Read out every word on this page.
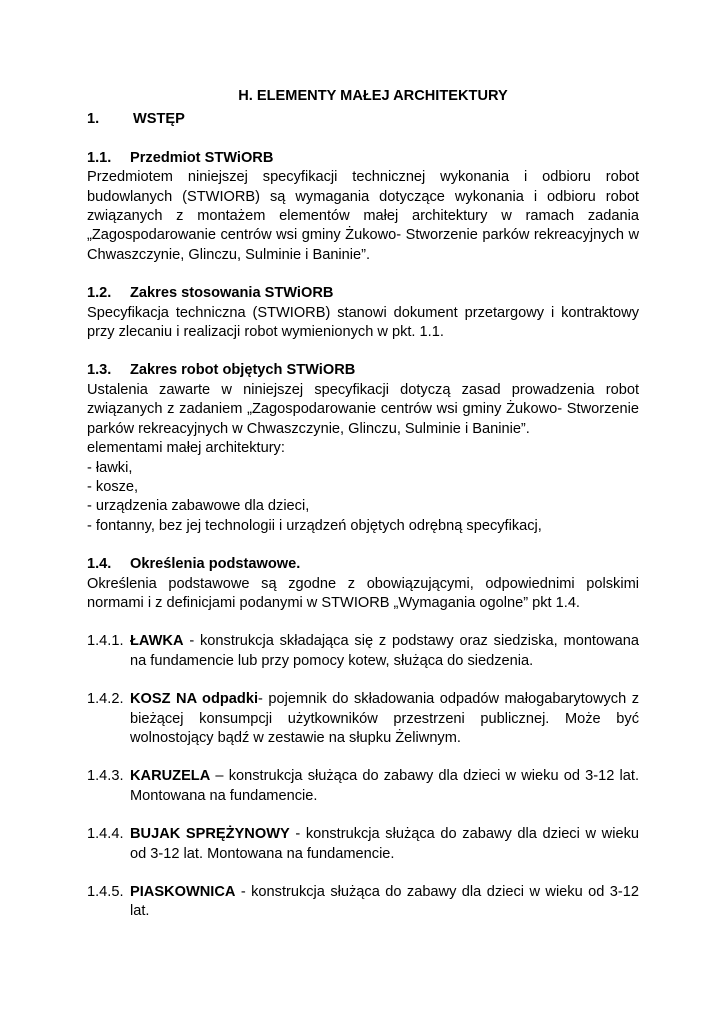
H. ELEMENTY MAŁEJ ARCHITEKTURY
1. WSTĘP
1.1. Przedmiot STWiORB
Przedmiotem niniejszej specyfikacji technicznej wykonania i odbioru robot budowlanych (STWIORB) są wymagania dotyczące wykonania i odbioru robot związanych z montażem elementów małej architektury w ramach zadania „Zagospodarowanie centrów wsi gminy Żukowo- Stworzenie parków rekreacyjnych w Chwaszczynie, Glinczu, Sulminie i Baninie”.
1.2. Zakres stosowania STWiORB
Specyfikacja techniczna (STWIORB) stanowi dokument przetargowy i kontraktowy przy zlecaniu i realizacji robot wymienionych w pkt. 1.1.
1.3. Zakres robot objętych STWiORB
Ustalenia zawarte w niniejszej specyfikacji dotyczą zasad prowadzenia robot związanych z zadaniem „Zagospodarowanie centrów wsi gminy Żukowo- Stworzenie parków rekreacyjnych w Chwaszczynie, Glinczu, Sulminie i Baninie”.
elementami małej architektury:
- ławki,
- kosze,
- urządzenia zabawowe dla dzieci,
- fontanny, bez jej technologii i urządzeń objętych odrębną specyfikacj,
1.4. Określenia podstawowe.
Określenia podstawowe są zgodne z obowiązującymi, odpowiednimi polskimi normami i z definicjami podanymi w STWIORB „Wymagania ogolne” pkt 1.4.
1.4.1. ŁAWKA - konstrukcja składająca się z podstawy oraz siedziska, montowana na fundamencie lub przy pomocy kotew, służąca do siedzenia.
1.4.2. KOSZ NA odpadki- pojemnik do składowania odpadów małogabarytowych z bieżącej konsumpcji użytkowników przestrzeni publicznej. Może być wolnostojący bądź w zestawie na słupku Żeliwnym.
1.4.3. KARUZELA – konstrukcja służąca do zabawy dla dzieci w wieku od 3-12 lat. Montowana na fundamencie.
1.4.4. BUJAK SPRĘŻYNOWY - konstrukcja służąca do zabawy dla dzieci w wieku od 3-12 lat. Montowana na fundamencie.
1.4.5. PIASKOWNICA - konstrukcja służąca do zabawy dla dzieci w wieku od 3-12 lat.
